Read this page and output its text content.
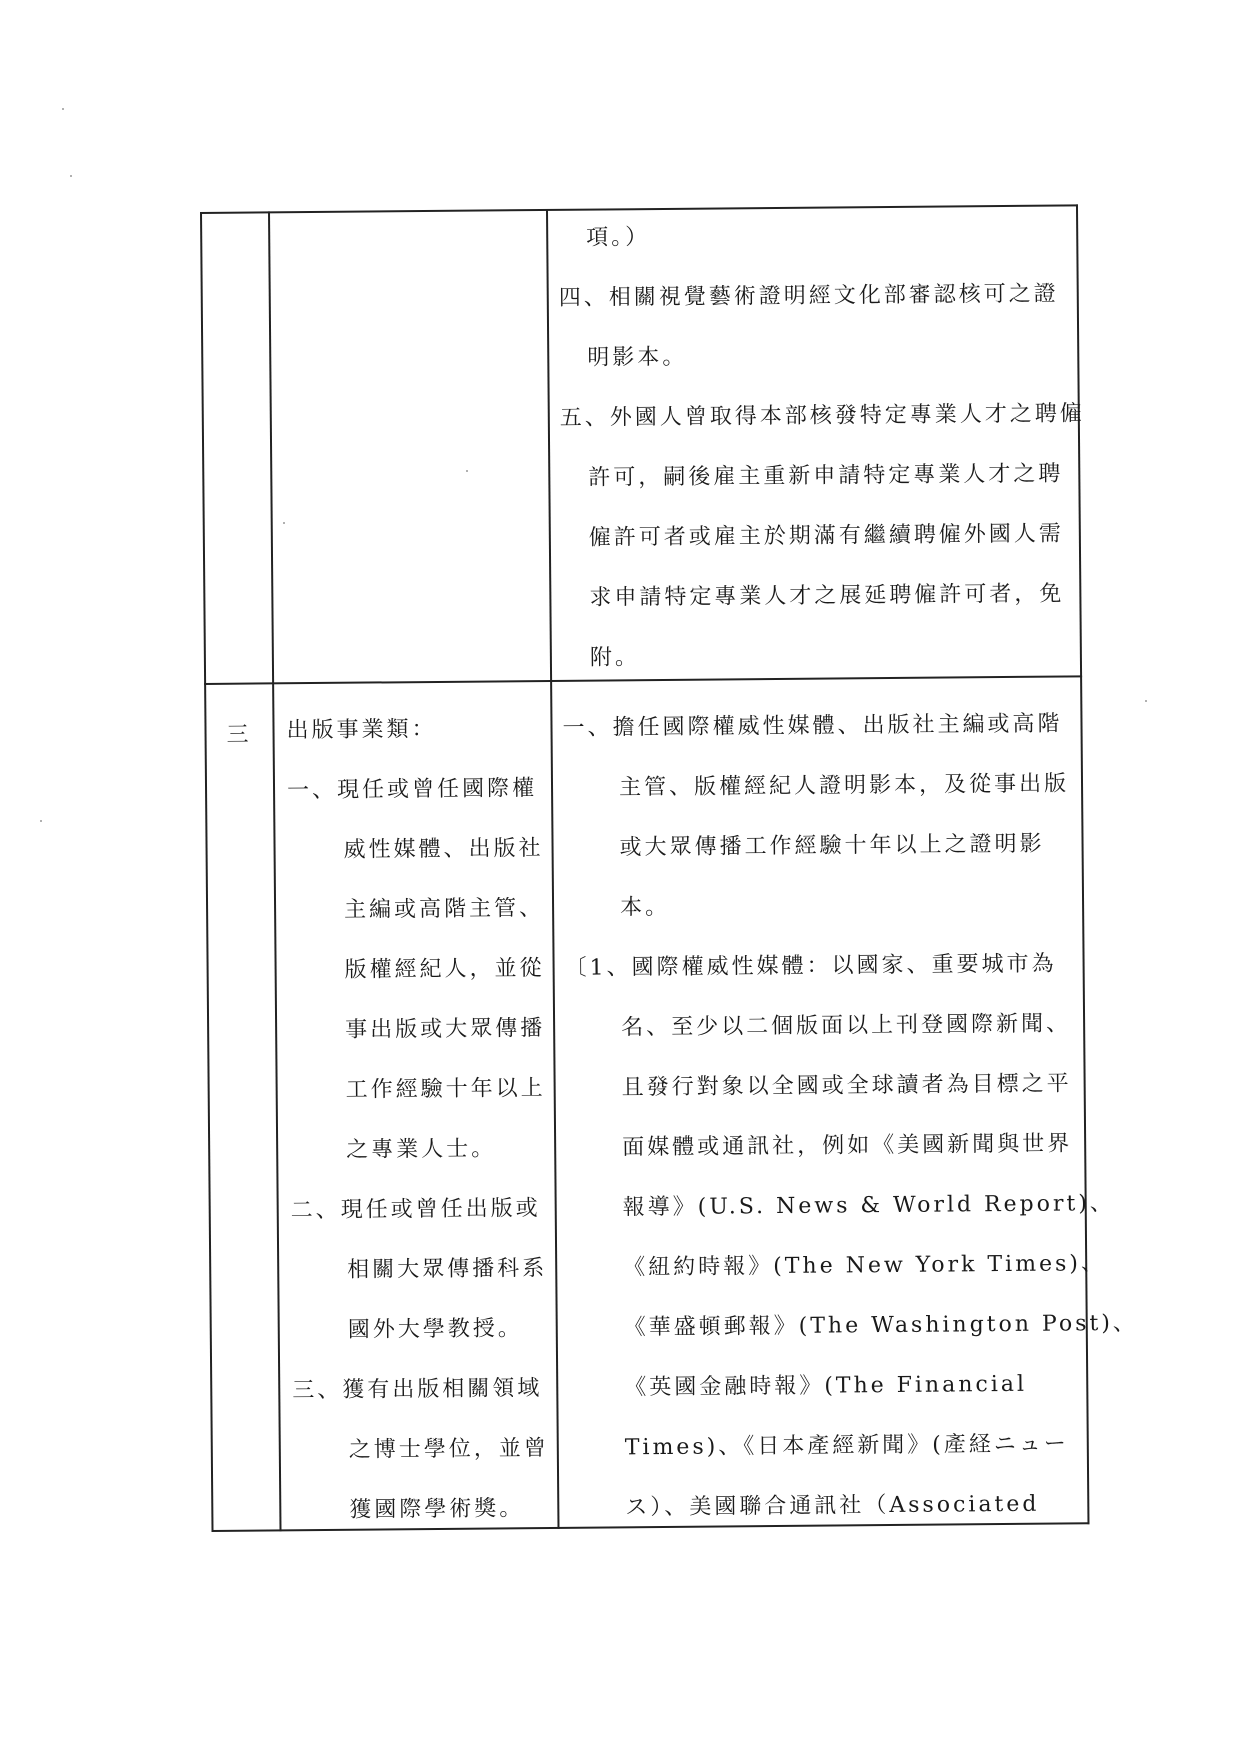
項。）
四、相關視覺藝術證明經文化部審認核可之證
明影本。
五、外國人曾取得本部核發特定專業人才之聘僱
許可，嗣後雇主重新申請特定專業人才之聘
僱許可者或雇主於期滿有繼續聘僱外國人需
求申請特定專業人才之展延聘僱許可者，免
附。
三 出版事業類：
一、現任或曾任國際權
威性媒體、出版社
主編或高階主管、
版權經紀人，並從
事出版或大眾傳播
工作經驗十年以上
之專業人士。
二、現任或曾任出版或
相關大眾傳播科系
國外大學教授。
三、獲有出版相關領域
之博士學位，並曾
獲國際學術獎。
一、擔任國際權威性媒體、出版社主編或高階
主管、版權經紀人證明影本，及從事出版
或大眾傳播工作經驗十年以上之證明影
本。
〔1、國際權威性媒體：以國家、重要城市為
名、至少以二個版面以上刊登國際新聞、
且發行對象以全國或全球讀者為目標之平
面媒體或通訊社，例如《美國新聞與世界
報導》(U.S. News & World Report)、
《紐約時報》(The New York Times)、
《華盛頓郵報》(The Washington Post)、
《英國金融時報》(The Financial
Times)、《日本產經新聞》(產経ニュー
ス）、美國聯合通訊社（Associated
